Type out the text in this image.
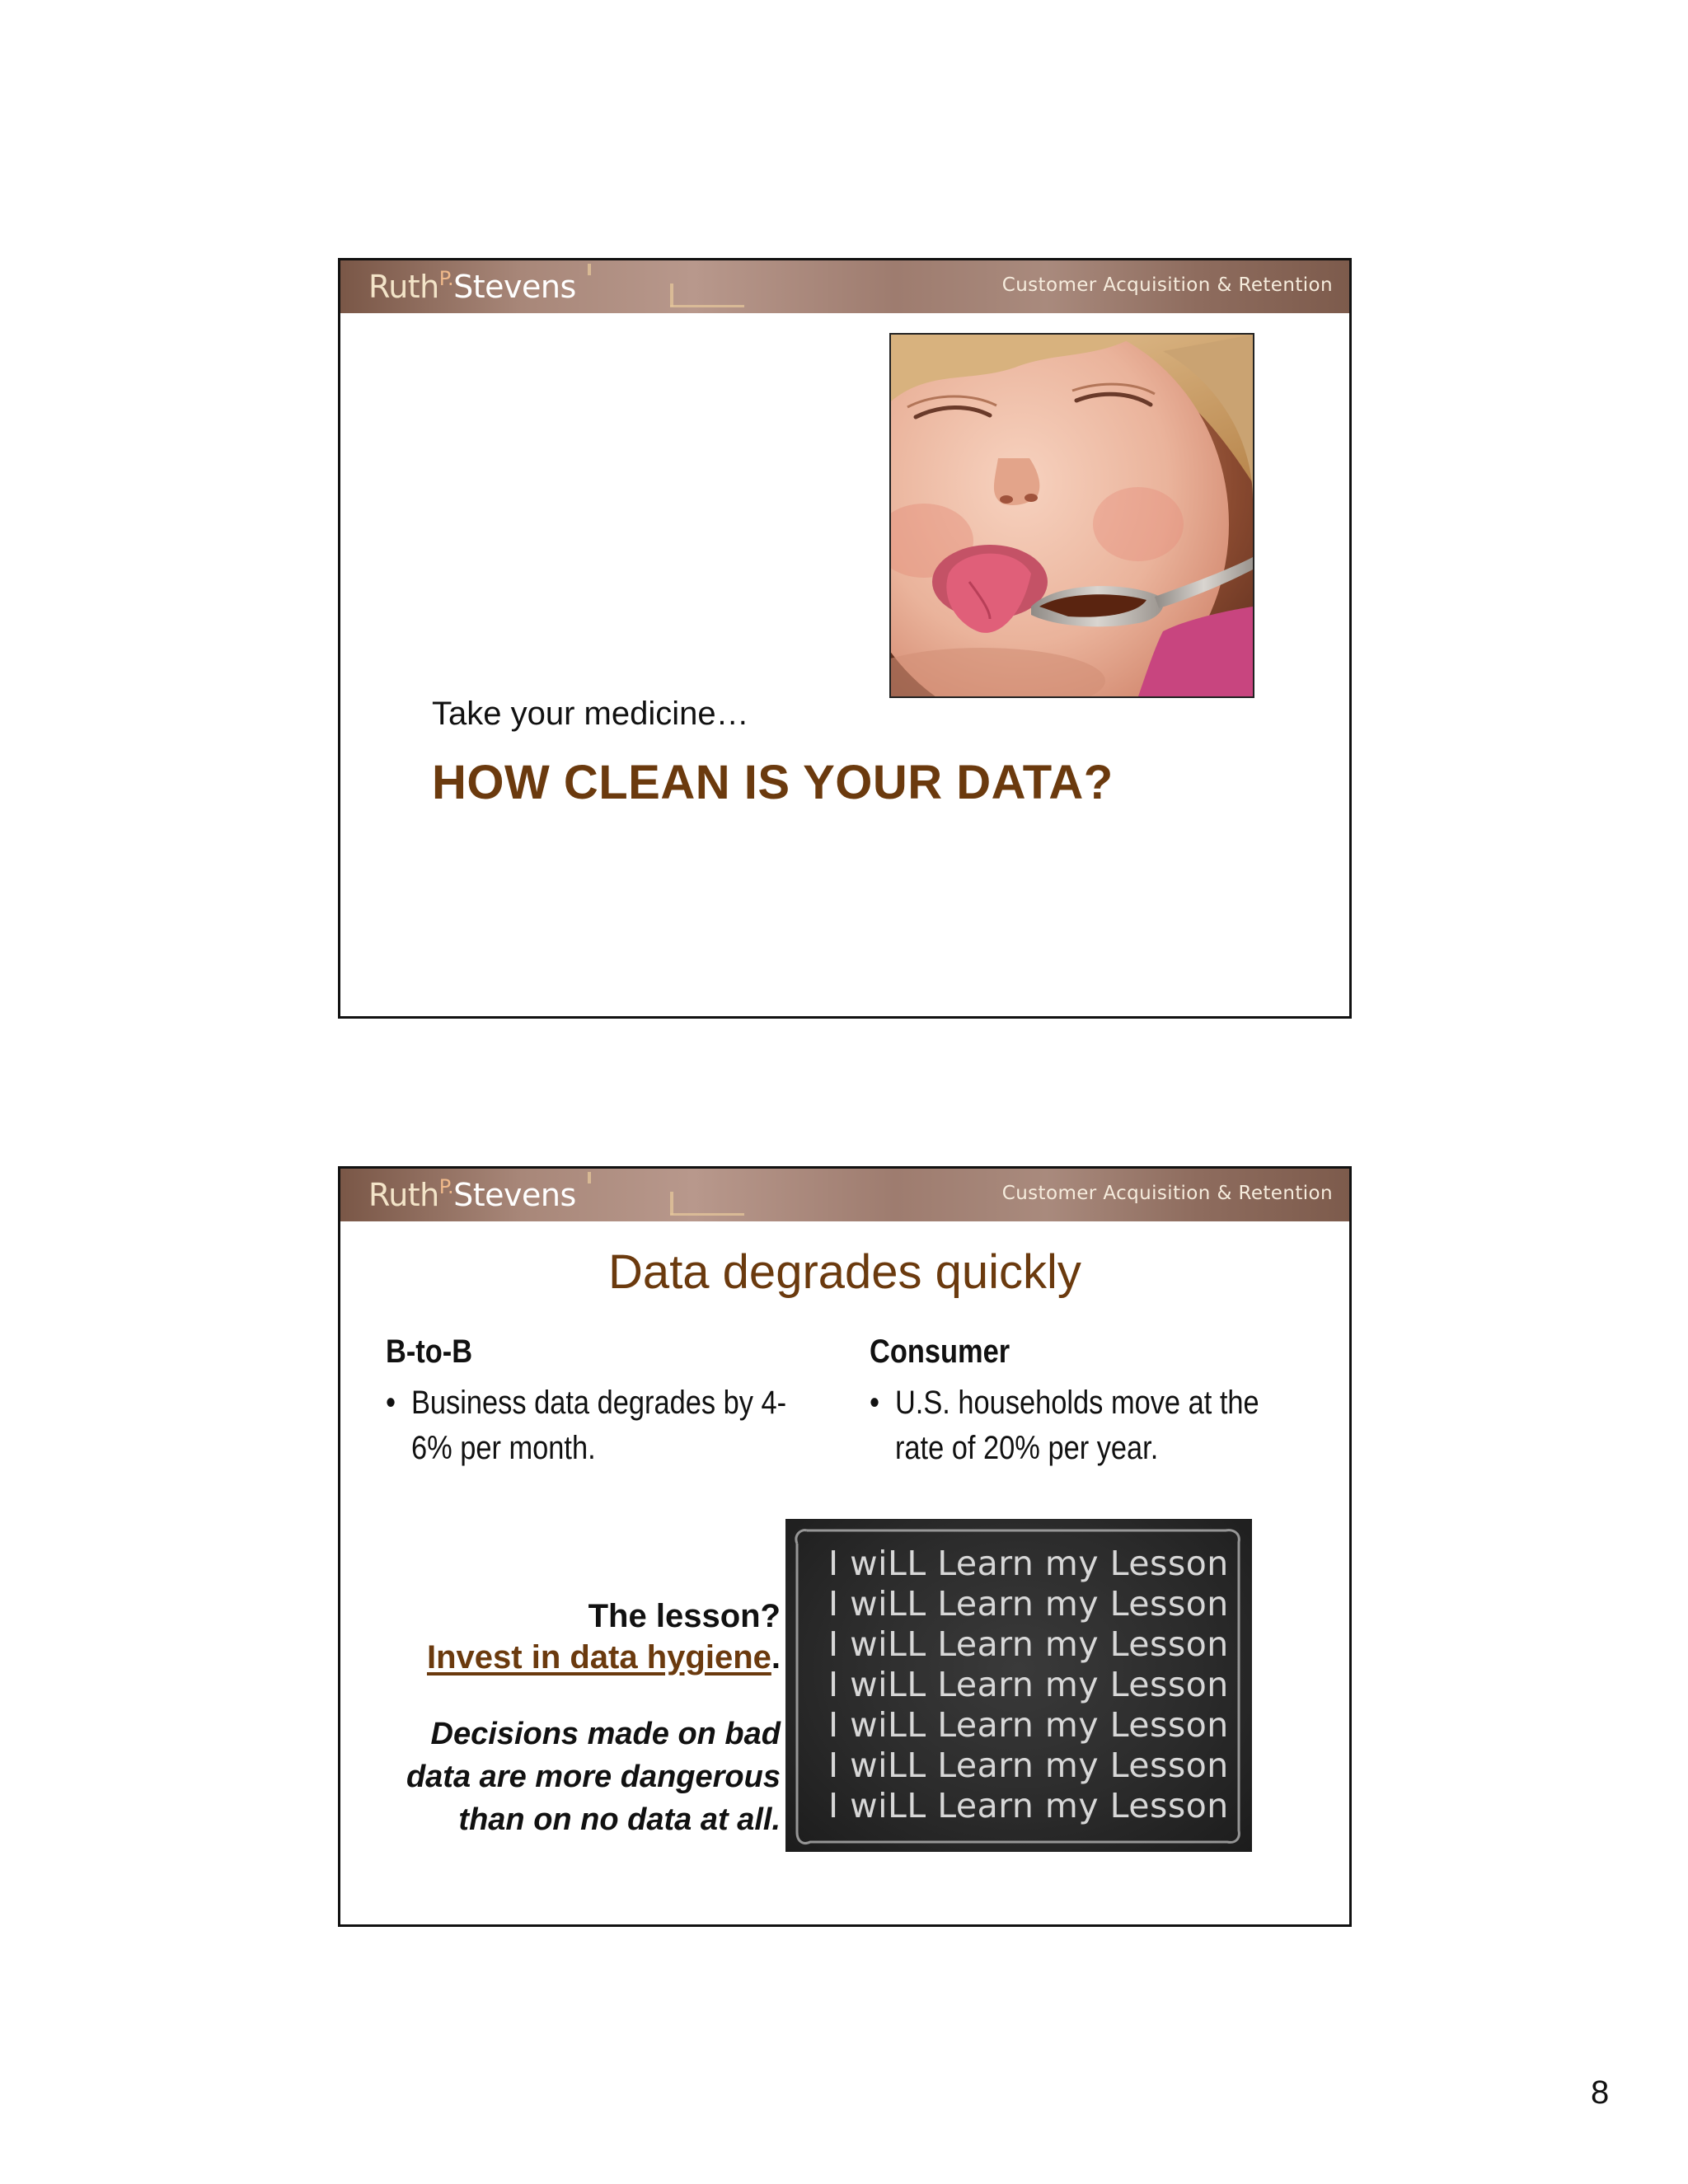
Ruth$^{P.}$Stevens	Customer Acquisition & Retention
Take your medicine…
HOW CLEAN IS YOUR DATA?
Ruth$^{P.}$Stevens	Customer Acquisition & Retention
Data degrades quickly
B-to-B
• Business data degrades by 4-6% per month.
Consumer
• U.S. households move at the rate of 20% per year.
The lesson?
Invest in data hygiene.
Decisions made on bad
data are more dangerous
than on no data at all.
I wiLL Learn my Lesson
I wiLL Learn my Lesson
I wiLL Learn my Lesson
I wiLL Learn my Lesson
I wiLL Learn my Lesson
I wiLL Learn my Lesson
I wiLL Learn my Lesson
8
